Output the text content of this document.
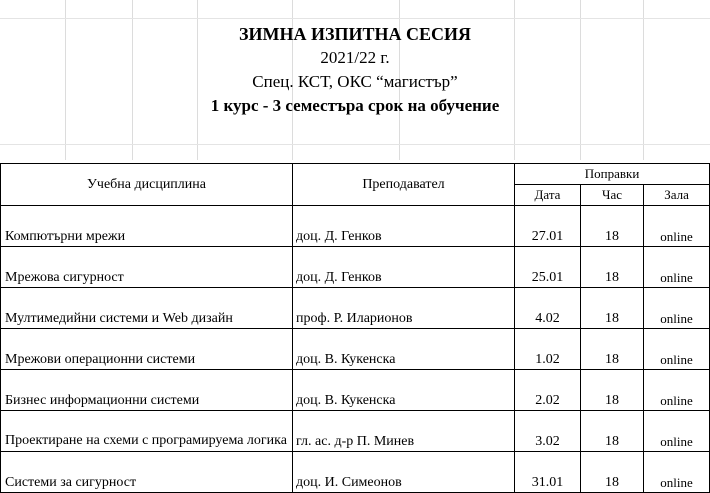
ЗИМНА ИЗПИТНА СЕСИЯ
2021/22 г.
Спец. КСТ, ОКС “магистър”
1 курс - 3 семестъра срок на обучение
Учебна дисциплина	Преподавател	Поправки		
		Дата	Час	Зала
Компютърни мрежи	доц. Д. Генков	27.01	18	online
Мрежова сигурност	доц. Д. Генков	25.01	18	online
Мултимедийни системи и Web дизайн	проф. Р. Иларионов	4.02	18	online
Мрежови операционни системи	доц. В. Кукенска	1.02	18	online
Бизнес информационни системи	доц. В. Кукенска	2.02	18	online
Проектиране на схеми с програмируема логика	гл. ас. д-р П. Минев	3.02	18	online
Системи за сигурност	доц. И. Симеонов	31.01	18	online
